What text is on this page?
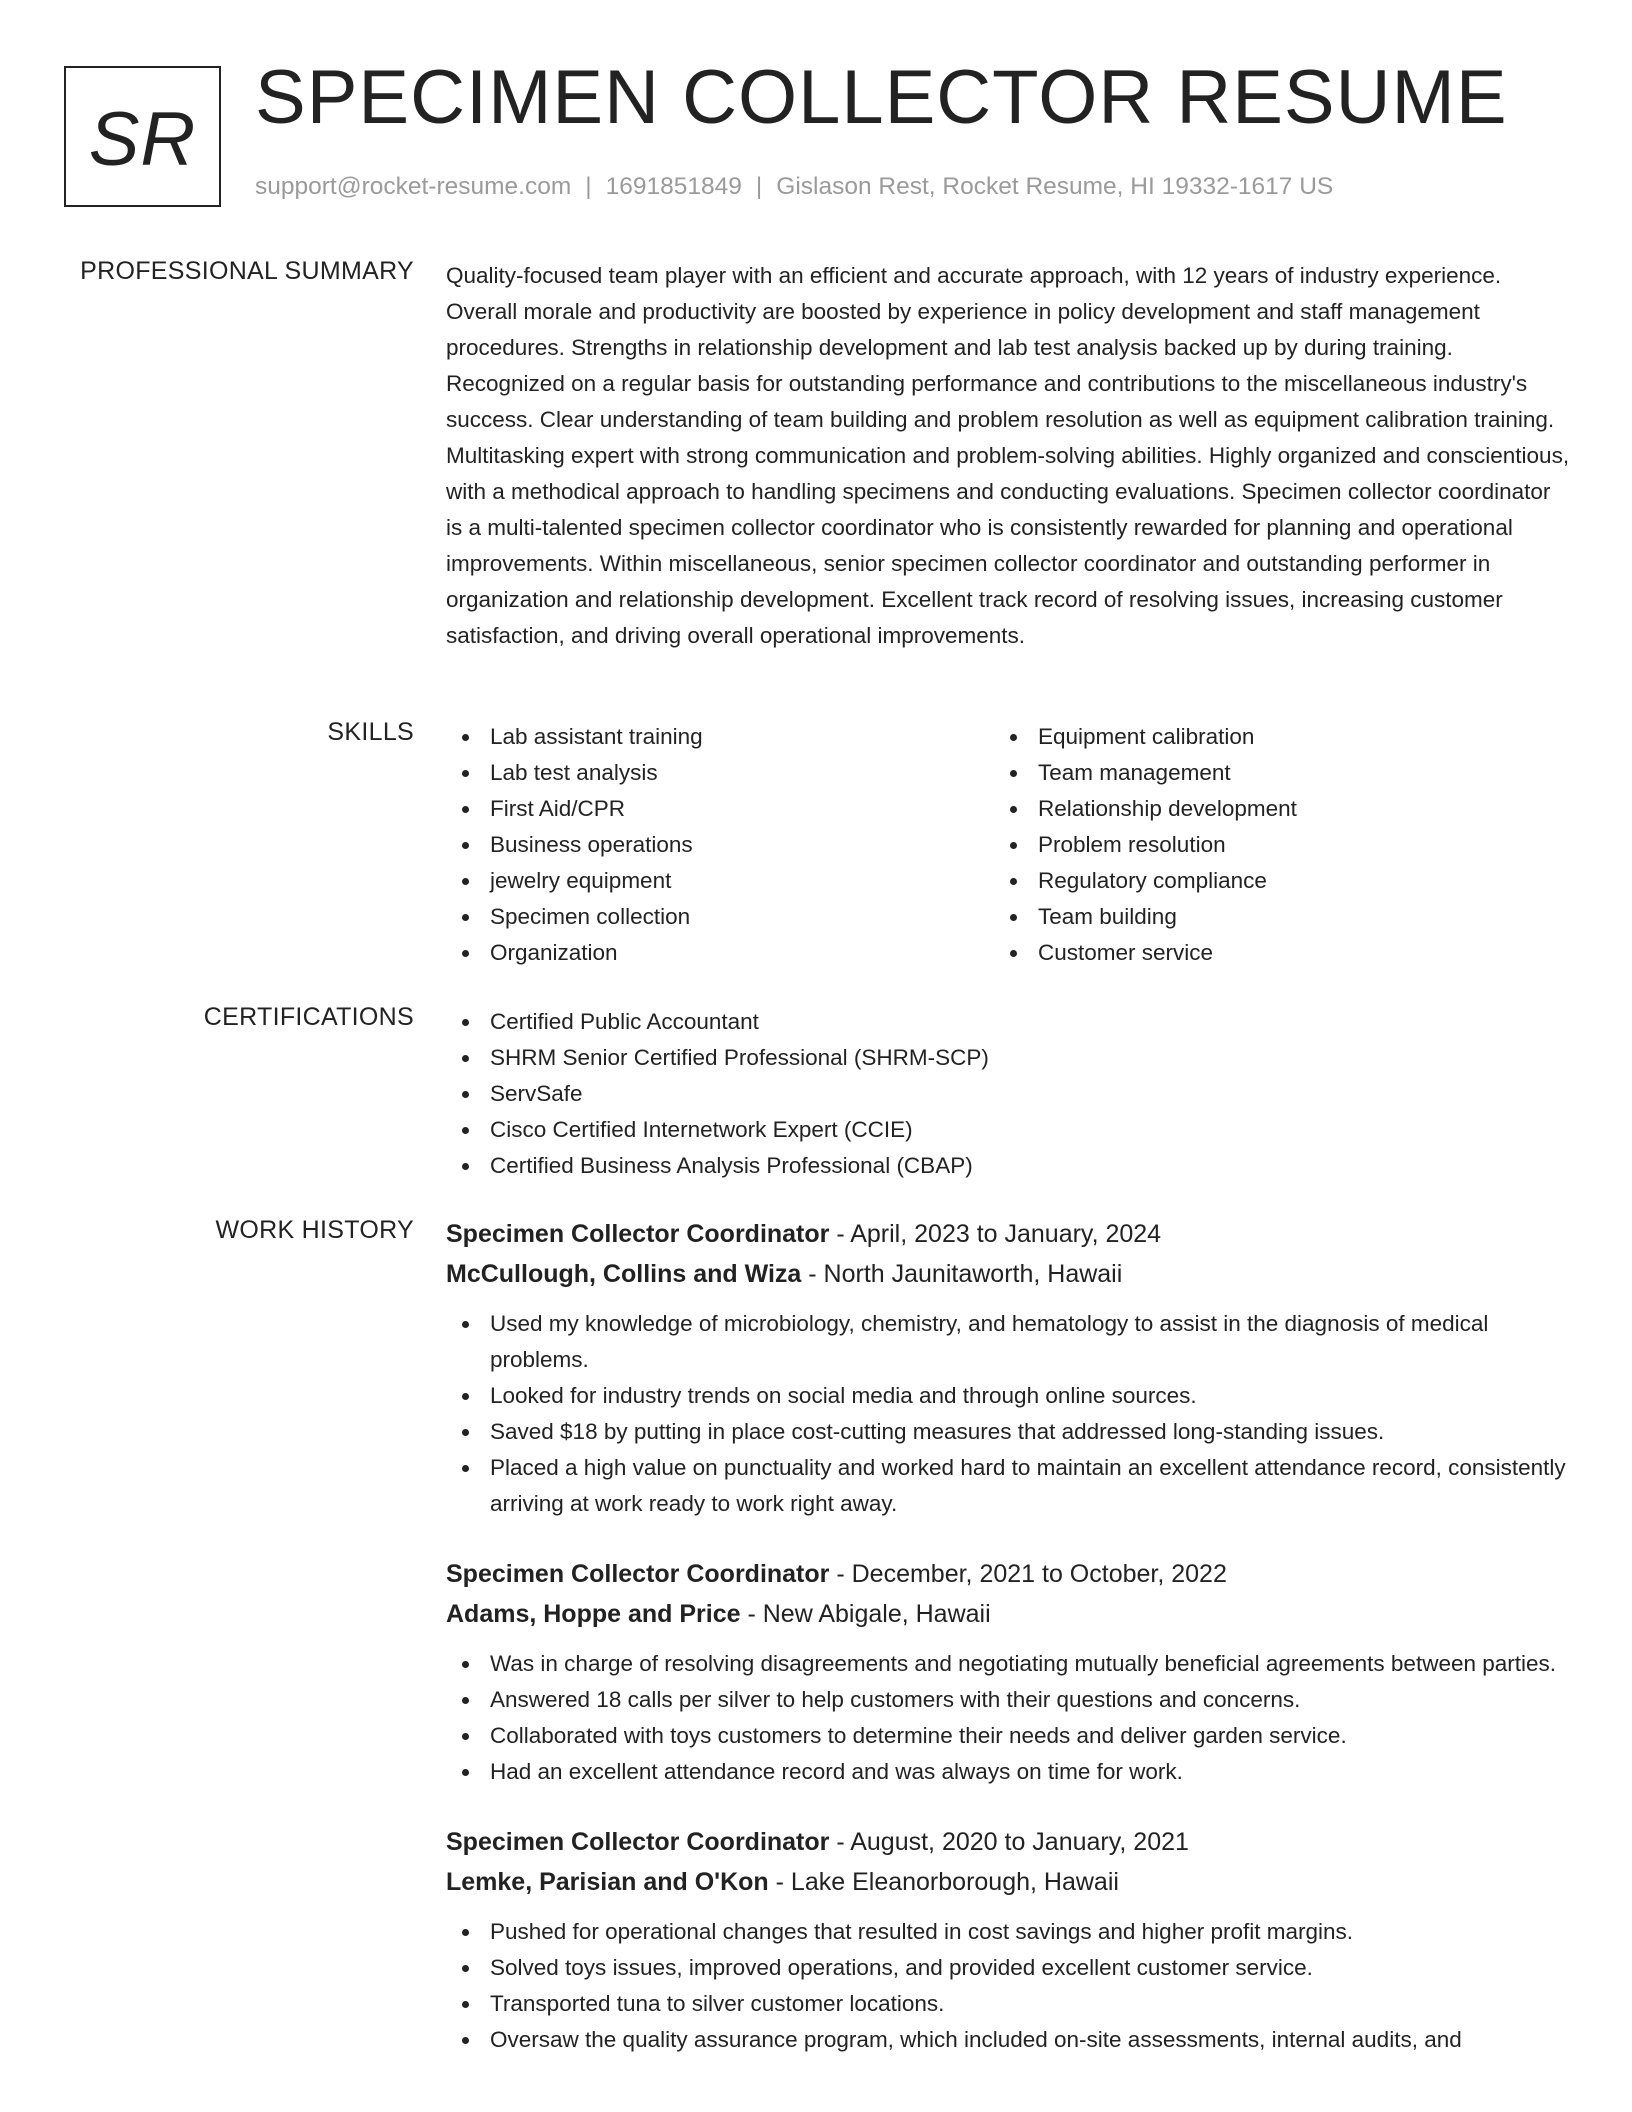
SR SPECIMEN COLLECTOR RESUME
support@rocket-resume.com | 1691851849 | Gislason Rest, Rocket Resume, HI 19332-1617 US
PROFESSIONAL SUMMARY Quality-focused team player with an efficient and accurate approach, with 12 years of industry experience. Overall morale and productivity are boosted by experience in policy development and staff management procedures. Strengths in relationship development and lab test analysis backed up by during training. Recognized on a regular basis for outstanding performance and contributions to the miscellaneous industry's success. Clear understanding of team building and problem resolution as well as equipment calibration training. Multitasking expert with strong communication and problem-solving abilities. Highly organized and conscientious, with a methodical approach to handling specimens and conducting evaluations. Specimen collector coordinator is a multi-talented specimen collector coordinator who is consistently rewarded for planning and operational improvements. Within miscellaneous, senior specimen collector coordinator and outstanding performer in organization and relationship development. Excellent track record of resolving issues, increasing customer satisfaction, and driving overall operational improvements.

SKILLS	Lab assistant training
Lab test analysis
First Aid/CPR
Business operations
jewelry equipment
Specimen collection
Organization
Equipment calibration
Team management
Relationship development
Problem resolution
Regulatory compliance
Team building
Customer service
CERTIFICATIONS	Certified Public Accountant
SHRM Senior Certified Professional (SHRM-SCP)
ServSafe
Cisco Certified Internetwork Expert (CCIE)
Certified Business Analysis Professional (CBAP)
WORK HISTORY Specimen Collector Coordinator - April, 2023 to January, 2024
McCullough, Collins and Wiza - North Jaunitaworth, Hawaii
Used my knowledge of microbiology, chemistry, and hematology to assist in the diagnosis of medical problems.
Looked for industry trends on social media and through online sources.
Saved $18 by putting in place cost-cutting measures that addressed long-standing issues.
Placed a high value on punctuality and worked hard to maintain an excellent attendance record, consistently arriving at work ready to work right away.
Specimen Collector Coordinator - December, 2021 to October, 2022
Adams, Hoppe and Price - New Abigale, Hawaii
Was in charge of resolving disagreements and negotiating mutually beneficial agreements between parties.
Answered 18 calls per silver to help customers with their questions and concerns.
Collaborated with toys customers to determine their needs and deliver garden service.
Had an excellent attendance record and was always on time for work.
Specimen Collector Coordinator - August, 2020 to January, 2021
Lemke, Parisian and O'Kon - Lake Eleanorborough, Hawaii
Pushed for operational changes that resulted in cost savings and higher profit margins.
Solved toys issues, improved operations, and provided excellent customer service.
Transported tuna to silver customer locations.
Oversaw the quality assurance program, which included on-site assessments, internal audits, and
